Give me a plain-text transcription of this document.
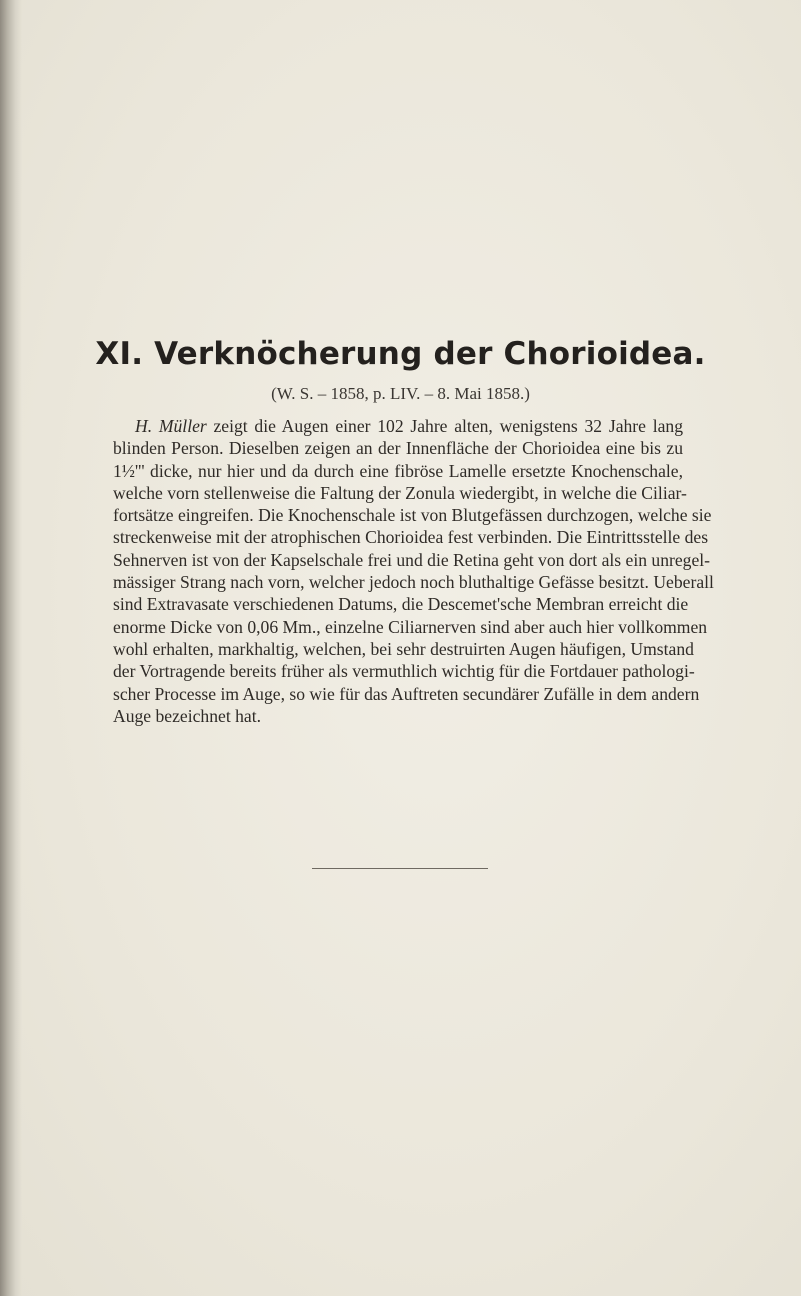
XI. Verknöcherung der Chorioidea.

(W. S. – 1858, p. LIV. – 8. Mai 1858.)

H. Müller zeigt die Augen einer 102 Jahre alten, wenigstens 32 Jahre lang
blinden Person. Dieselben zeigen an der Innenfläche der Chorioidea eine bis zu
1½''' dicke, nur hier und da durch eine fibröse Lamelle ersetzte Knochenschale,
welche vorn stellenweise die Faltung der Zonula wiedergibt, in welche die Ciliar-
fortsätze eingreifen. Die Knochenschale ist von Blutgefässen durchzogen, welche sie
streckenweise mit der atrophischen Chorioidea fest verbinden. Die Eintrittsstelle des
Sehnerven ist von der Kapselschale frei und die Retina geht von dort als ein unregel-
mässiger Strang nach vorn, welcher jedoch noch bluthaltige Gefässe besitzt. Ueberall
sind Extravasate verschiedenen Datums, die Descemet'sche Membran erreicht die
enorme Dicke von 0,06 Mm., einzelne Ciliarnerven sind aber auch hier vollkommen
wohl erhalten, markhaltig, welchen, bei sehr destruirten Augen häufigen, Umstand
der Vortragende bereits früher als vermuthlich wichtig für die Fortdauer pathologi-
scher Processe im Auge, so wie für das Auftreten secundärer Zufälle in dem andern
Auge bezeichnet hat.
